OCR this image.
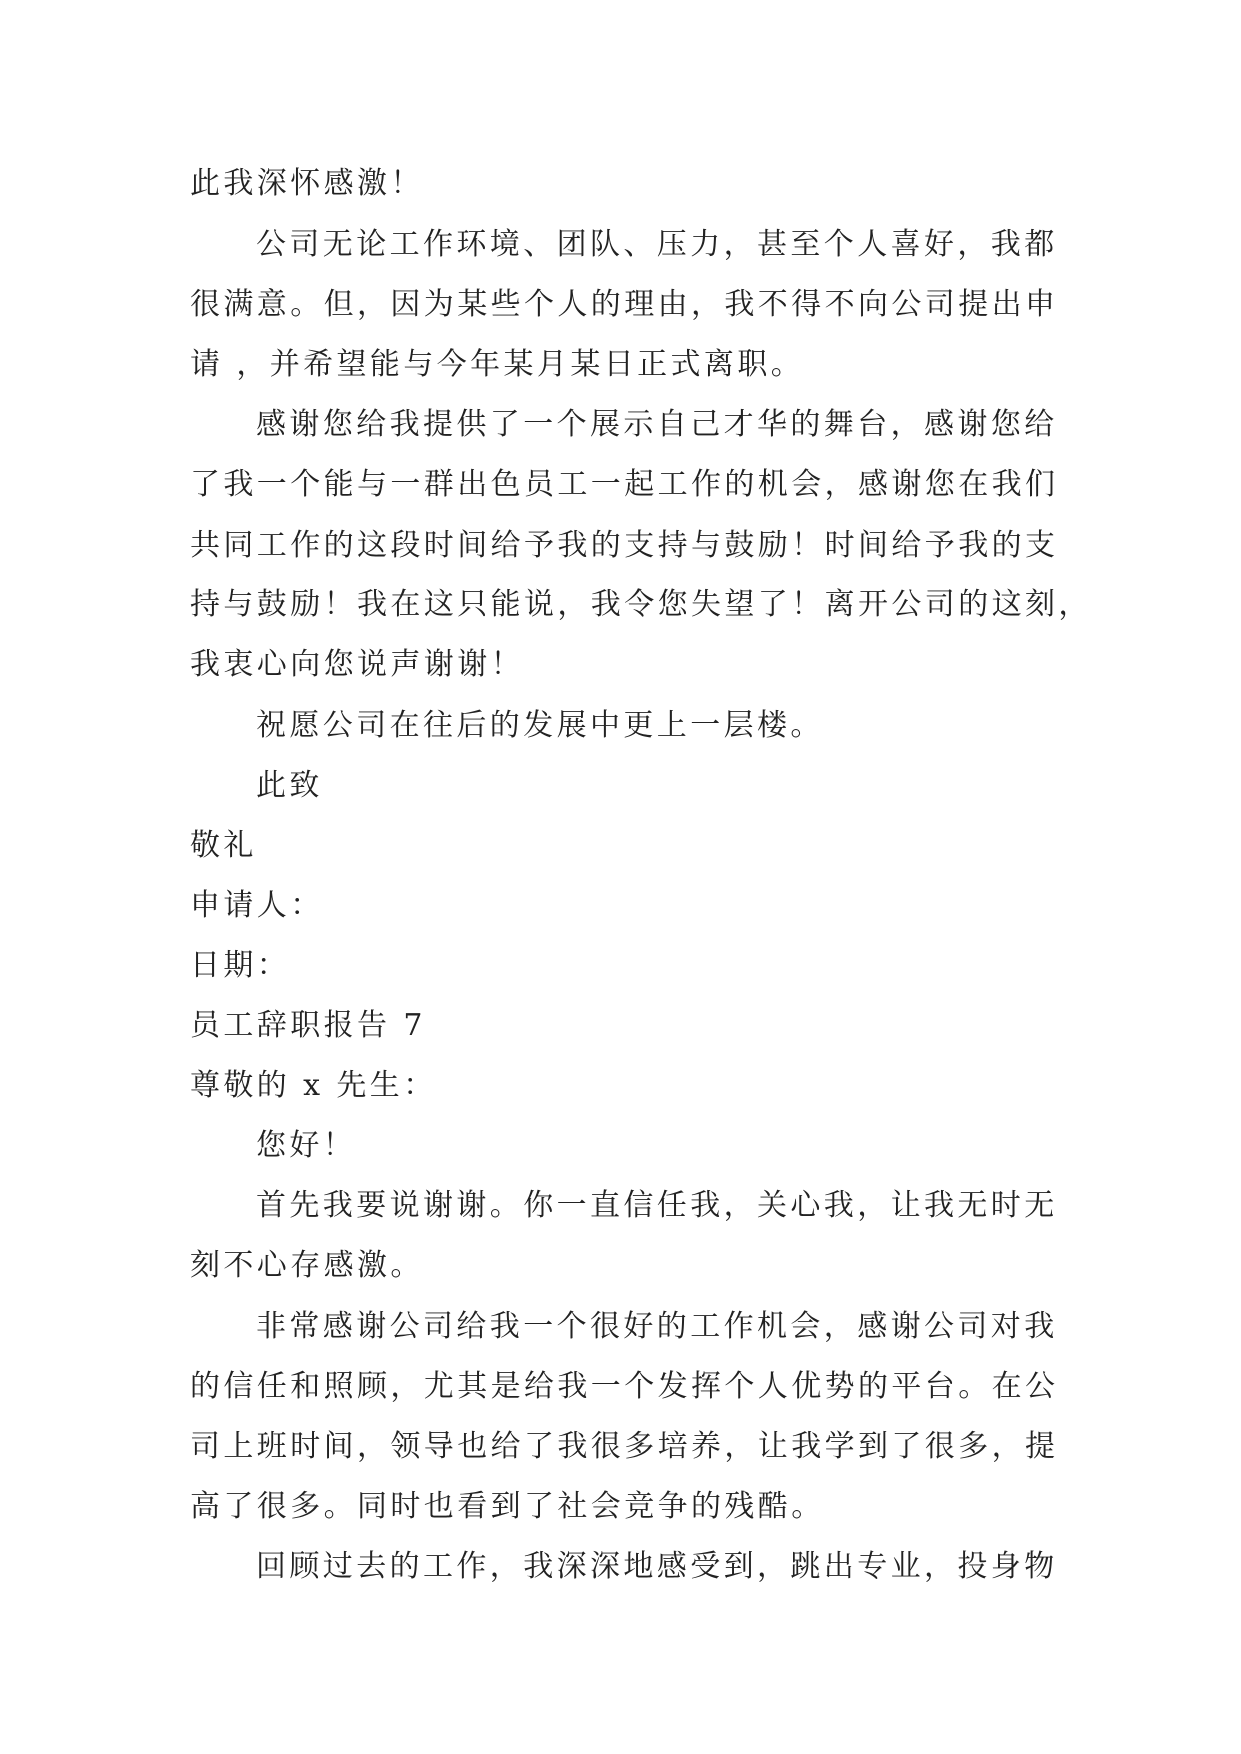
此我深怀感激！

公司无论工作环境、团队、压力，甚至个人喜好，我都

很满意。但，因为某些个人的理由，我不得不向公司提出申

请 ，并希望能与今年某月某日正式离职。

感谢您给我提供了一个展示自己才华的舞台，感谢您给

了我一个能与一群出色员工一起工作的机会，感谢您在我们

共同工作的这段时间给予我的支持与鼓励！时间给予我的支

持与鼓励！我在这只能说，我令您失望了！离开公司的这刻，

我衷心向您说声谢谢！

祝愿公司在往后的发展中更上一层楼。

此致

敬礼

申请人：

日期：

员工辞职报告 7

尊敬的 x 先生：

您好！

首先我要说谢谢。你一直信任我，关心我，让我无时无

刻不心存感激。

非常感谢公司给我一个很好的工作机会，感谢公司对我

的信任和照顾，尤其是给我一个发挥个人优势的平台。在公

司上班时间，领导也给了我很多培养，让我学到了很多，提

高了很多。同时也看到了社会竞争的残酷。

回顾过去的工作，我深深地感受到，跳出专业，投身物
